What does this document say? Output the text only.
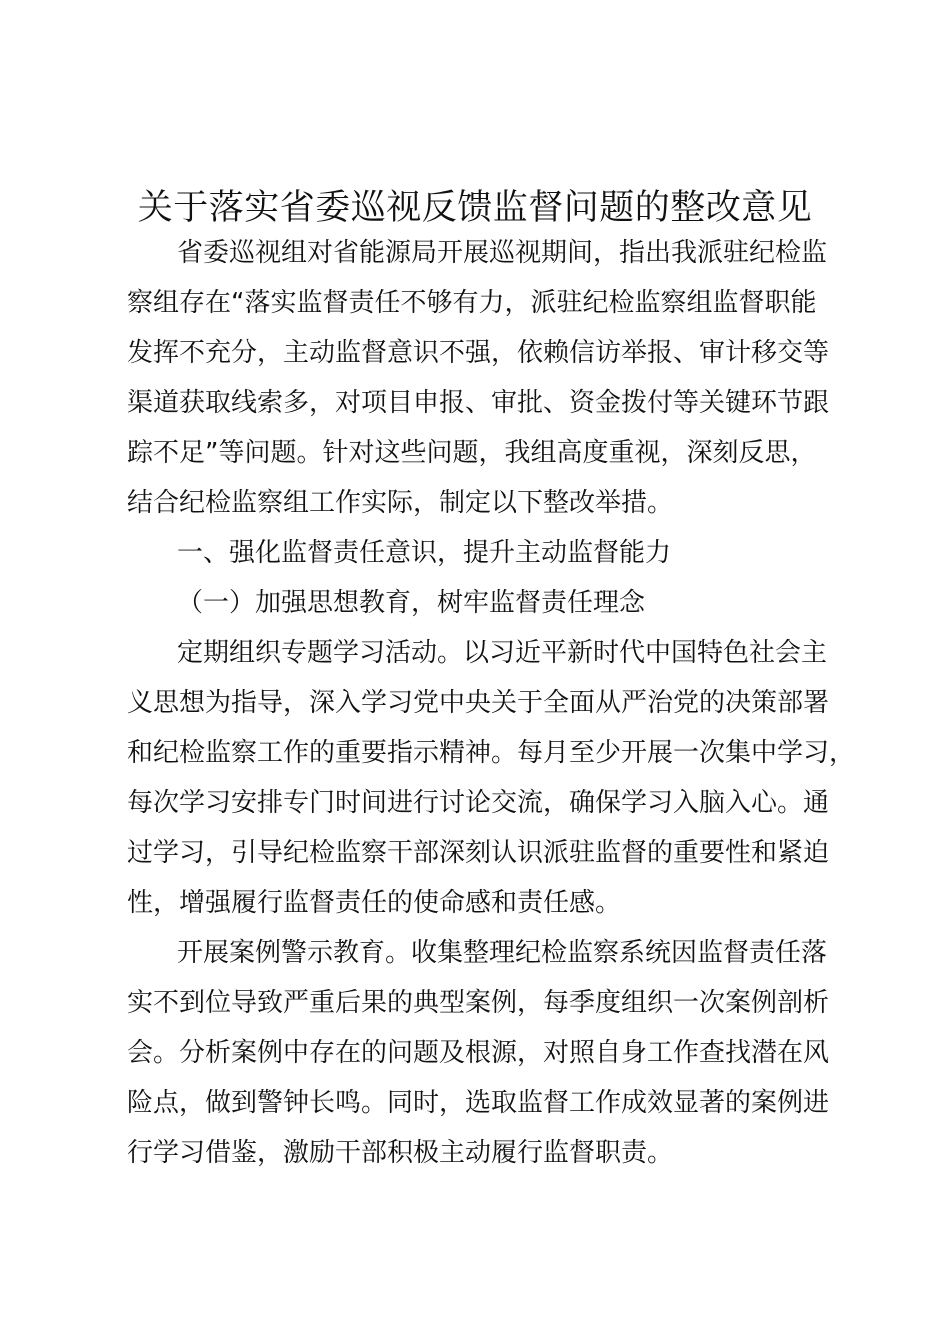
关于落实省委巡视反馈监督问题的整改意见

省委巡视组对省能源局开展巡视期间，指出我派驻纪检监

察组存在“落实监督责任不够有力，派驻纪检监察组监督职能

发挥不充分，主动监督意识不强，依赖信访举报、审计移交等

渠道获取线索多，对项目申报、审批、资金拨付等关键环节跟

踪不足”等问题。针对这些问题，我组高度重视，深刻反思，

结合纪检监察组工作实际，制定以下整改举措。

一、强化监督责任意识，提升主动监督能力

（一）加强思想教育，树牢监督责任理念

定期组织专题学习活动。以习近平新时代中国特色社会主

义思想为指导，深入学习党中央关于全面从严治党的决策部署

和纪检监察工作的重要指示精神。每月至少开展一次集中学习，

每次学习安排专门时间进行讨论交流，确保学习入脑入心。通

过学习，引导纪检监察干部深刻认识派驻监督的重要性和紧迫

性，增强履行监督责任的使命感和责任感。

开展案例警示教育。收集整理纪检监察系统因监督责任落

实不到位导致严重后果的典型案例，每季度组织一次案例剖析

会。分析案例中存在的问题及根源，对照自身工作查找潜在风

险点，做到警钟长鸣。同时，选取监督工作成效显著的案例进

行学习借鉴，激励干部积极主动履行监督职责。
